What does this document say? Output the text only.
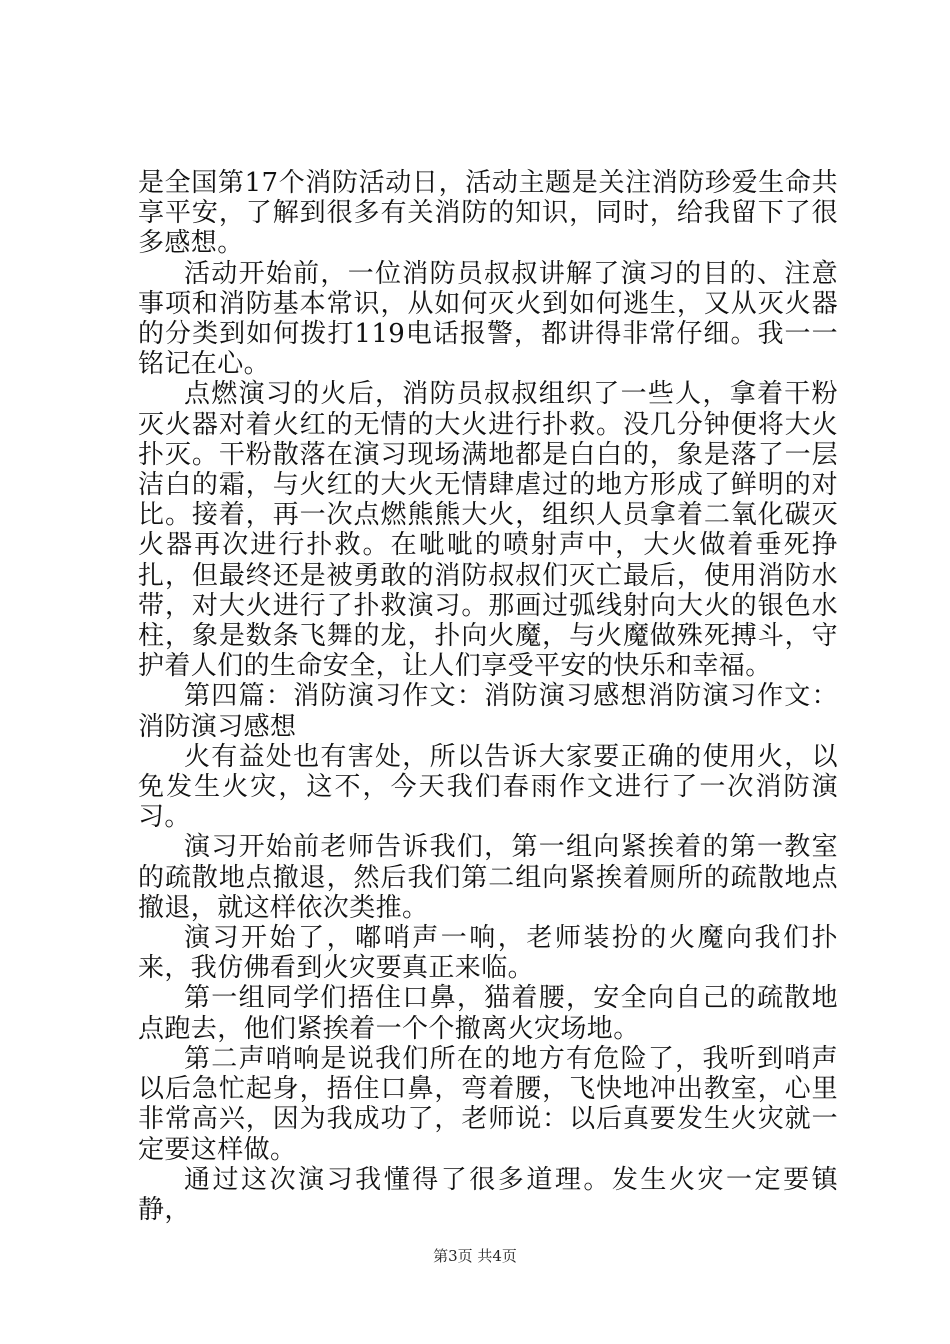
是全国第17个消防活动日，活动主题是关注消防珍爱生命共享平安，了解到很多有关消防的知识，同时，给我留下了很多感想。

活动开始前，一位消防员叔叔讲解了演习的目的、注意事项和消防基本常识，从如何灭火到如何逃生，又从灭火器的分类到如何拨打119电话报警，都讲得非常仔细。我一一铭记在心。

点燃演习的火后，消防员叔叔组织了一些人，拿着干粉灭火器对着火红的无情的大火进行扑救。没几分钟便将大火扑灭。干粉散落在演习现场满地都是白白的，象是落了一层洁白的霜，与火红的大火无情肆虐过的地方形成了鲜明的对比。接着，再一次点燃熊熊大火，组织人员拿着二氧化碳灭火器再次进行扑救。在呲呲的喷射声中，大火做着垂死挣扎，但最终还是被勇敢的消防叔叔们灭亡最后，使用消防水带，对大火进行了扑救演习。那画过弧线射向大火的银色水柱，象是数条飞舞的龙，扑向火魔，与火魔做殊死搏斗，守护着人们的生命安全，让人们享受平安的快乐和幸福。

第四篇：消防演习作文：消防演习感想消防演习作文：消防演习感想

火有益处也有害处，所以告诉大家要正确的使用火，以免发生火灾，这不，今天我们春雨作文进行了一次消防演习。

演习开始前老师告诉我们，第一组向紧挨着的第一教室的疏散地点撤退，然后我们第二组向紧挨着厕所的疏散地点撤退，就这样依次类推。

演习开始了，嘟哨声一响，老师装扮的火魔向我们扑来，我仿佛看到火灾要真正来临。

第一组同学们捂住口鼻，猫着腰，安全向自己的疏散地点跑去，他们紧挨着一个个撤离火灾场地。

第二声哨响是说我们所在的地方有危险了，我听到哨声以后急忙起身，捂住口鼻，弯着腰，飞快地冲出教室，心里非常高兴，因为我成功了，老师说：以后真要发生火灾就一定要这样做。

通过这次演习我懂得了很多道理。发生火灾一定要镇静，

第3页 共4页
